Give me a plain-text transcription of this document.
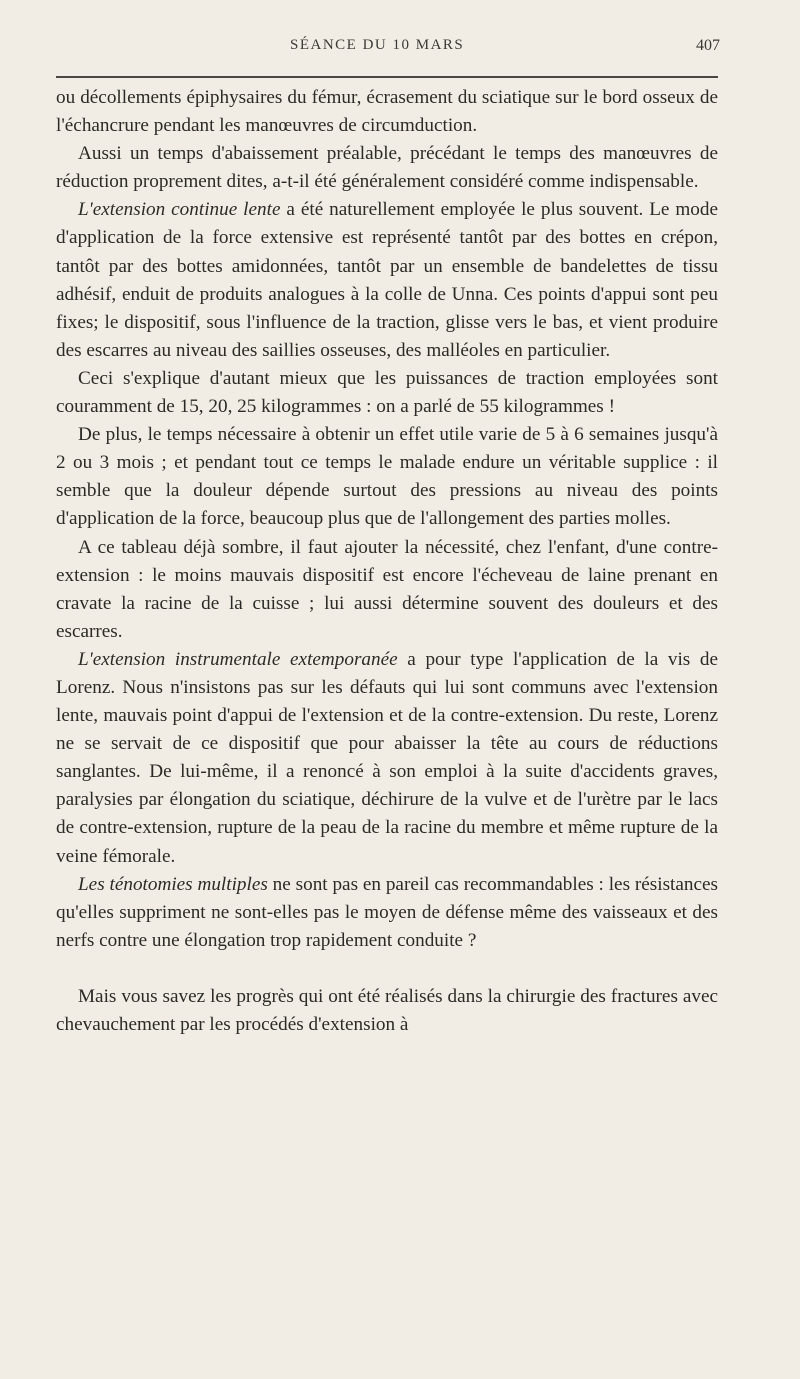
SÉANCE DU 10 MARS	407

ou décollements épiphysaires du fémur, écrasement du sciatique sur le bord osseux de l'échancrure pendant les manœuvres de circumduction.

Aussi un temps d'abaissement préalable, précédant le temps des manœuvres de réduction proprement dites, a-t-il été généralement considéré comme indispensable.

L'extension continue lente a été naturellement employée le plus souvent. Le mode d'application de la force extensive est représenté tantôt par des bottes en crépon, tantôt par des bottes amidonnées, tantôt par un ensemble de bandelettes de tissu adhésif, enduit de produits analogues à la colle de Unna. Ces points d'appui sont peu fixes; le dispositif, sous l'influence de la traction, glisse vers le bas, et vient produire des escarres au niveau des saillies osseuses, des malléoles en particulier.

Ceci s'explique d'autant mieux que les puissances de traction employées sont couramment de 15, 20, 25 kilogrammes : on a parlé de 55 kilogrammes !

De plus, le temps nécessaire à obtenir un effet utile varie de 5 à 6 semaines jusqu'à 2 ou 3 mois ; et pendant tout ce temps le malade endure un véritable supplice : il semble que la douleur dépende surtout des pressions au niveau des points d'application de la force, beaucoup plus que de l'allongement des parties molles.

A ce tableau déjà sombre, il faut ajouter la nécessité, chez l'enfant, d'une contre-extension : le moins mauvais dispositif est encore l'écheveau de laine prenant en cravate la racine de la cuisse ; lui aussi détermine souvent des douleurs et des escarres.

L'extension instrumentale extemporanée a pour type l'application de la vis de Lorenz. Nous n'insistons pas sur les défauts qui lui sont communs avec l'extension lente, mauvais point d'appui de l'extension et de la contre-extension. Du reste, Lorenz ne se servait de ce dispositif que pour abaisser la tête au cours de réductions sanglantes. De lui-même, il a renoncé à son emploi à la suite d'accidents graves, paralysies par élongation du sciatique, déchirure de la vulve et de l'urètre par le lacs de contre-extension, rupture de la peau de la racine du membre et même rupture de la veine fémorale.

Les ténotomies multiples ne sont pas en pareil cas recommandables : les résistances qu'elles suppriment ne sont-elles pas le moyen de défense même des vaisseaux et des nerfs contre une élongation trop rapidement conduite ?

Mais vous savez les progrès qui ont été réalisés dans la chirurgie des fractures avec chevauchement par les procédés d'extension à
